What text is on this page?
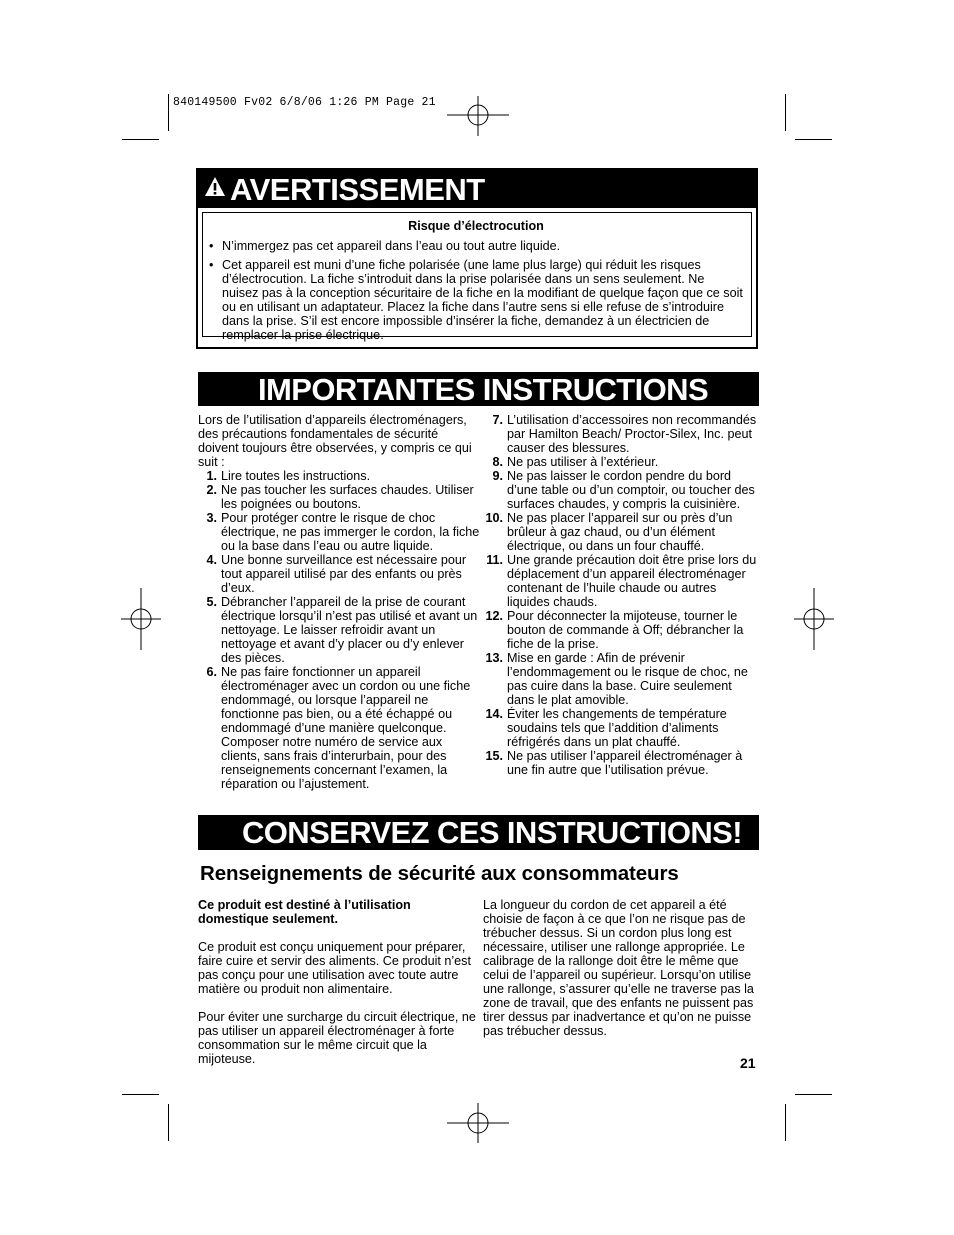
840149500 Fv02 6/8/06 1:26 PM Page 21
AVERTISSEMENT
Risque d’électrocution
• N’immergez pas cet appareil dans l’eau ou tout autre liquide.
• Cet appareil est muni d’une fiche polarisée (une lame plus large) qui réduit les risques d’électrocution. La fiche s’introduit dans la prise polarisée dans un sens seulement. Ne nuisez pas à la conception sécuritaire de la fiche en la modifiant de quelque façon que ce soit ou en utilisant un adaptateur. Placez la fiche dans l’autre sens si elle refuse de s’introduire dans la prise. S’il est encore impossible d’insérer la fiche, demandez à un électricien de remplacer la prise électrique.
IMPORTANTES INSTRUCTIONS

Lors de l’utilisation d’appareils électroménagers, des précautions fondamentales de sécurité doivent toujours être observées, y compris ce qui suit :

1. Lire toutes les instructions.
2. Ne pas toucher les surfaces chaudes. Utiliser les poignées ou boutons.
3. Pour protéger contre le risque de choc électrique, ne pas immerger le cordon, la fiche ou la base dans l’eau ou autre liquide.
4. Une bonne surveillance est nécessaire pour tout appareil utilisé par des enfants ou près d’eux.
5. Débrancher l’appareil de la prise de courant électrique lorsqu’il n’est pas utilisé et avant un nettoyage. Le laisser refroidir avant un nettoyage et avant d’y placer ou d’y enlever des pièces.
6. Ne pas faire fonctionner un appareil électroménager avec un cordon ou une fiche endommagé, ou lorsque l’appareil ne fonctionne pas bien, ou a été échappé ou endommagé d’une manière quelconque. Composer notre numéro de service aux clients, sans frais d’interurbain, pour des renseignements concernant l’examen, la réparation ou l’ajustement.
7. L’utilisation d’accessoires non recommandés par Hamilton Beach/ Proctor-Silex, Inc. peut causer des blessures.
8. Ne pas utiliser à l’extérieur.
9. Ne pas laisser le cordon pendre du bord d’une table ou d’un comptoir, ou toucher des surfaces chaudes, y compris la cuisinière.
10. Ne pas placer l’appareil sur ou près d’un brûleur à gaz chaud, ou d’un élément électrique, ou dans un four chauffé.
11. Une grande précaution doit être prise lors du déplacement d’un appareil électroménager contenant de l’huile chaude ou autres liquides chauds.
12. Pour déconnecter la mijoteuse, tourner le bouton de commande à Off; débrancher la fiche de la prise.
13. Mise en garde : Afin de prévenir l’endommagement ou le risque de choc, ne pas cuire dans la base. Cuire seulement dans le plat amovible.
14. Éviter les changements de température soudains tels que l’addition d’aliments réfrigérés dans un plat chauffé.
15. Ne pas utiliser l’appareil électroménager à une fin autre que l’utilisation prévue.
CONSERVEZ CES INSTRUCTIONS!
Renseignements de sécurité aux consommateurs

Ce produit est destiné à l’utilisation domestique seulement.

Ce produit est conçu uniquement pour préparer, faire cuire et servir des aliments. Ce produit n’est pas conçu pour une utilisation avec toute autre matière ou produit non alimentaire.

Pour éviter une surcharge du circuit électrique, ne pas utiliser un appareil électroménager à forte consommation sur le même circuit que la mijoteuse.

La longueur du cordon de cet appareil a été choisie de façon à ce que l’on ne risque pas de trébucher dessus. Si un cordon plus long est nécessaire, utiliser une rallonge appropriée. Le calibrage de la rallonge doit être le même que celui de l’appareil ou supérieur. Lorsqu’on utilise une rallonge, s’assurer qu’elle ne traverse pas la zone de travail, que des enfants ne puissent pas tirer dessus par inadvertance et qu’on ne puisse pas trébucher dessus.

21
